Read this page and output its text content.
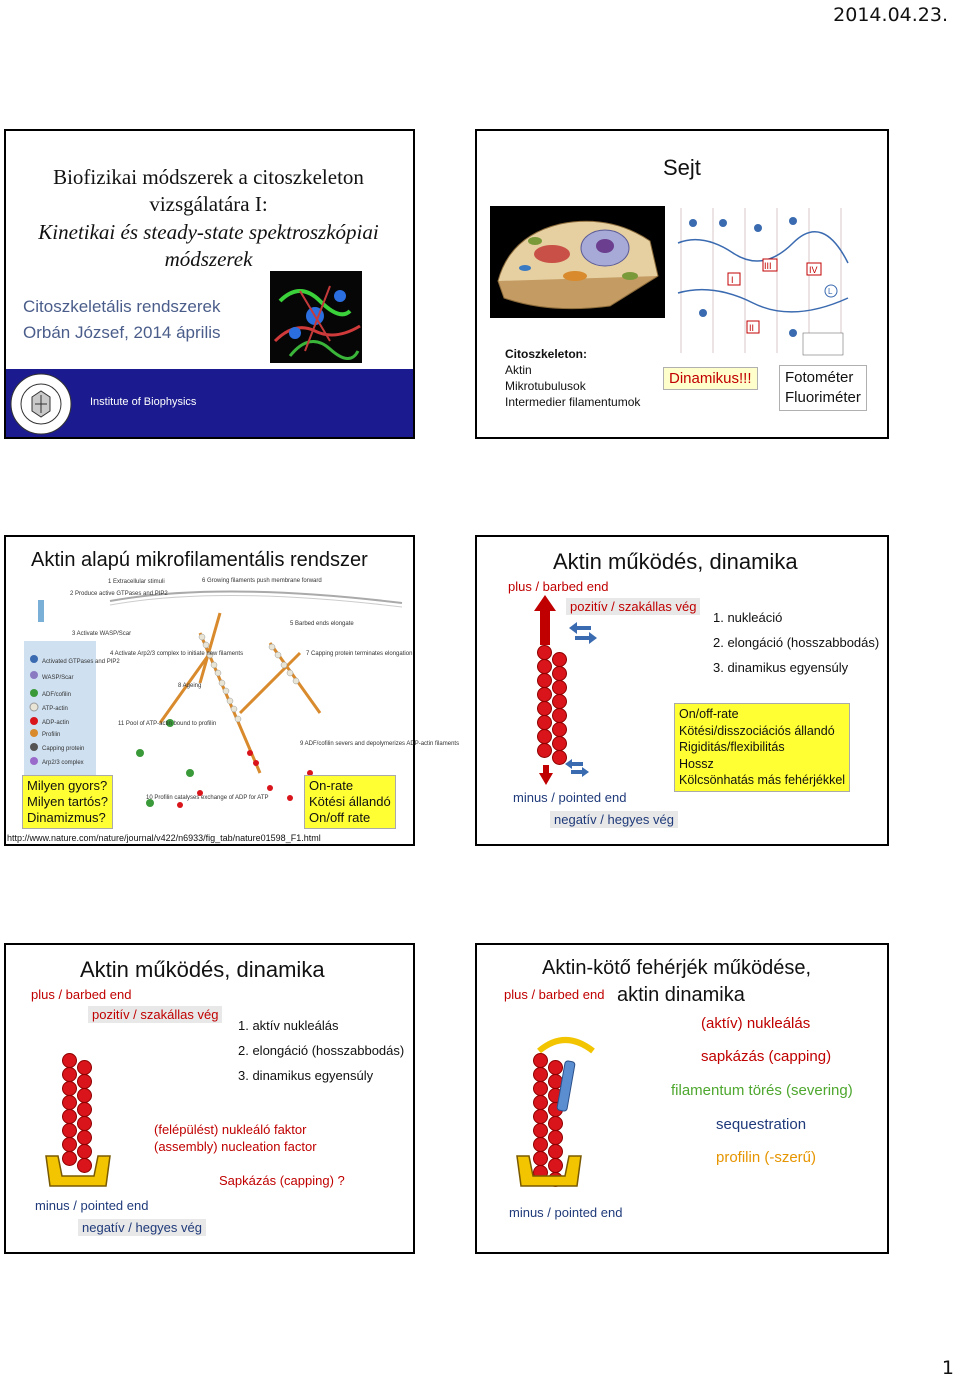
2014.04.23.
Biofizikai módszerek a citoszkeleton
vizsgálatára I:
Kinetikai és steady-state spektroszkópiai
módszerek
Citoszkeletális rendszerek
Orbán József, 2014 április
Institute of Biophysics
Sejt
I
II
III	IV
L
Citoszkeleton:
Aktin
Mikrotubulusok
Intermedier filamentumok
Dinamikus!!!	Fotométer
Fluoriméter
Aktin alapú mikrofilamentális rendszer
Activated GTPases and PIP2
WASP/Scar
ADF/cofilin
ATP-actin
ADP-actin
Profilin
Capping protein
Arp2/3 complex
1 Extracellular stimuli
2 Produce active GTPases and PIP2
3 Activate WASP/Scar
4 Activate Arp2/3 complex to initiate new filaments
5 Barbed ends elongate
6 Growing filaments push membrane forward
7 Capping protein terminates elongation
8 Ageing
9 ADF/cofilin severs and depolymerizes ADP-actin filaments
10 Profilin catalyses exchange of ADP for ATP
11 Pool of ATP-actin bound to profilin
Milyen gyors?
Milyen tartós?
Dinamizmus?
On-rate
Kötési állandó
On/off rate
http://www.nature.com/nature/journal/v422/n6933/fig_tab/nature01598_F1.html
Aktin működés, dinamika
plus / barbed end
pozitív / szakállas vég
1. nukleáció
2. elongáció (hosszabbodás)
3. dinamikus egyensúly
minus / pointed end
negatív / hegyes vég
On/off-rate
Kötési/disszociációs állandó
Rigiditás/flexibilitás
Hossz
Kölcsönhatás más fehérjékkel
Aktin működés, dinamika
plus / barbed end
pozitív / szakállas vég
1. aktív nukleálás
2. elongáció (hosszabbodás)
3. dinamikus egyensúly
(felépülést) nukleáló faktor
(assembly) nucleation factor
Sapkázás (capping) ?
minus / pointed end
negatív / hegyes vég
Aktin-kötő fehérjék működése,
aktin dinamika
plus / barbed end
(aktív) nukleálás
sapkázás (capping)
filamentum törés (severing)
sequestration
profilin (-szerű)
minus / pointed end
1
